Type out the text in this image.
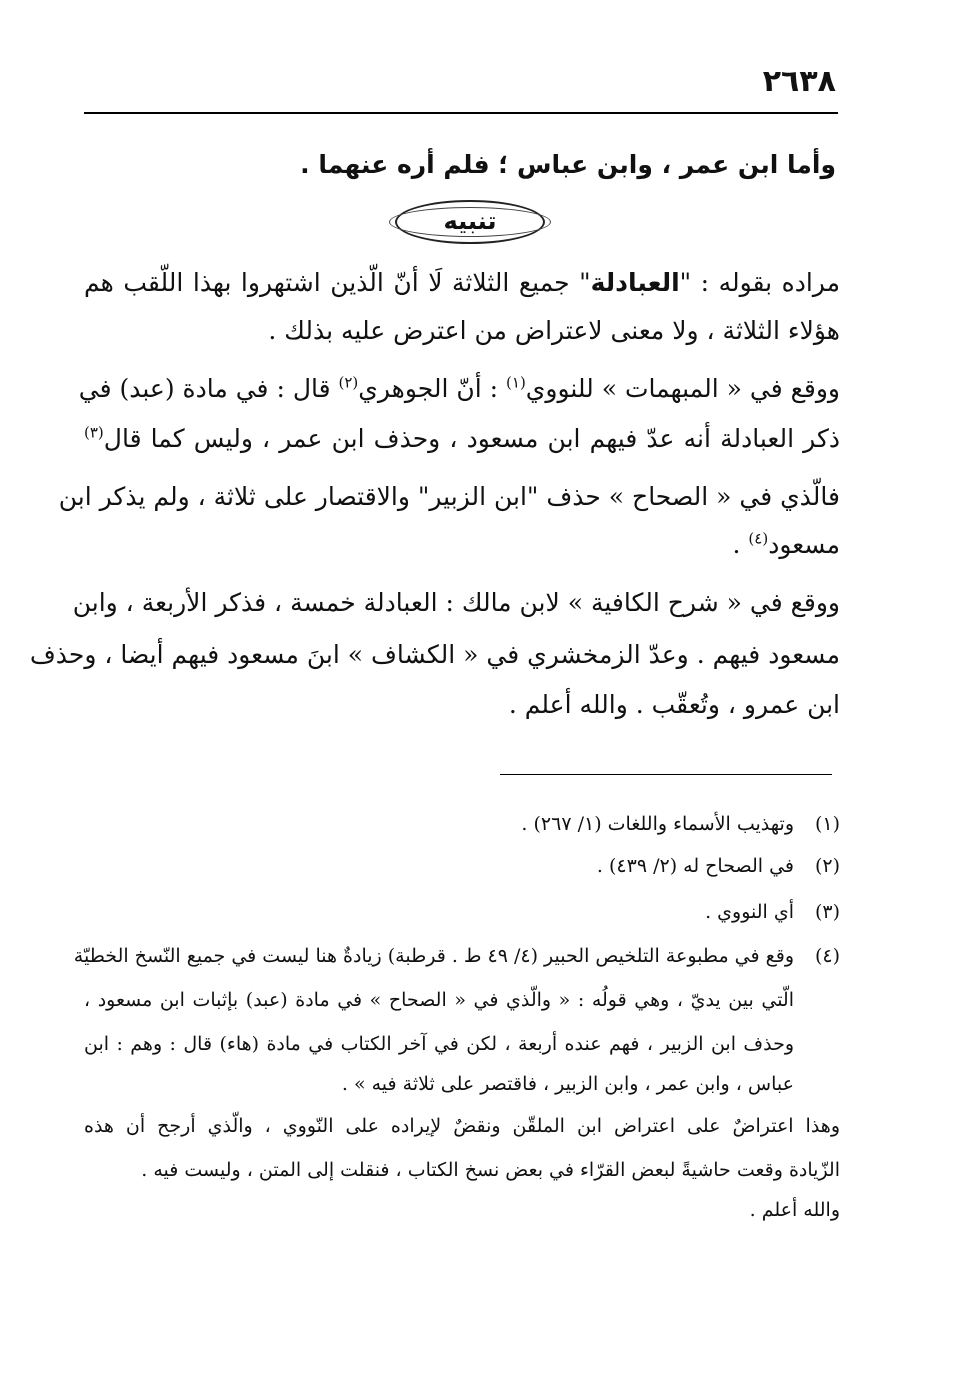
٢٦٣٨
وأما ابن عمر ، وابن عباس ؛ فلم أره عنهما .
تنبيه
مراده بقوله : "العبادلة" جميع الثلاثة لَا أنّ الّذين اشتهروا بهذا اللّقب هم
هؤلاء الثلاثة ، ولا معنى لاعتراض من اعترض عليه بذلك .
ووقع في « المبهمات » للنووي$^{(١)}$ : أنّ الجوهري$^{(٢)}$ قال : في مادة (عبد) في
ذكر العبادلة أنه عدّ فيهم ابن مسعود ، وحذف ابن عمر ، وليس كما قال$^{(٣)}$
فالّذي في « الصحاح » حذف "ابن الزبير" والاقتصار على ثلاثة ، ولم يذكر ابن
مسعود$^{(٤)}$ .
ووقع في « شرح الكافية » لابن مالك : العبادلة خمسة ، فذكر الأربعة ، وابن
مسعود فيهم . وعدّ الزمخشري في « الكشاف » ابنَ مسعود فيهم أيضا ، وحذف
ابن عمرو ، وتُعقّب . والله أعلم .
(١)وتهذيب الأسماء واللغات (١/ ٢٦٧) .
(٢)في الصحاح له (٢/ ٤٣٩) .
(٣)أي النووي .
(٤)وقع في مطبوعة التلخيص الحبير (٤/ ٤٩ ط . قرطبة) زيادةٌ هنا ليست في جميع النّسخ الخطيّة
الّتي بين يديّ ، وهي قولُه : « والّذي في « الصحاح » في مادة (عبد) بإثبات ابن مسعود ،
وحذف ابن الزبير ، فهم عنده أربعة ، لكن في آخر الكتاب في مادة (هاء) قال : وهم : ابن
عباس ، وابن عمر ، وابن الزبير ، فاقتصر على ثلاثة فيه » .
وهذا اعتراضٌ على اعتراض ابن الملقّن ونقضٌ لإيراده على النّووي ، والّذي أرجح أن هذه
الزّيادة وقعت حاشيةً لبعض القرّاء في بعض نسخ الكتاب ، فنقلت إلى المتن ، وليست فيه .
والله أعلم .
